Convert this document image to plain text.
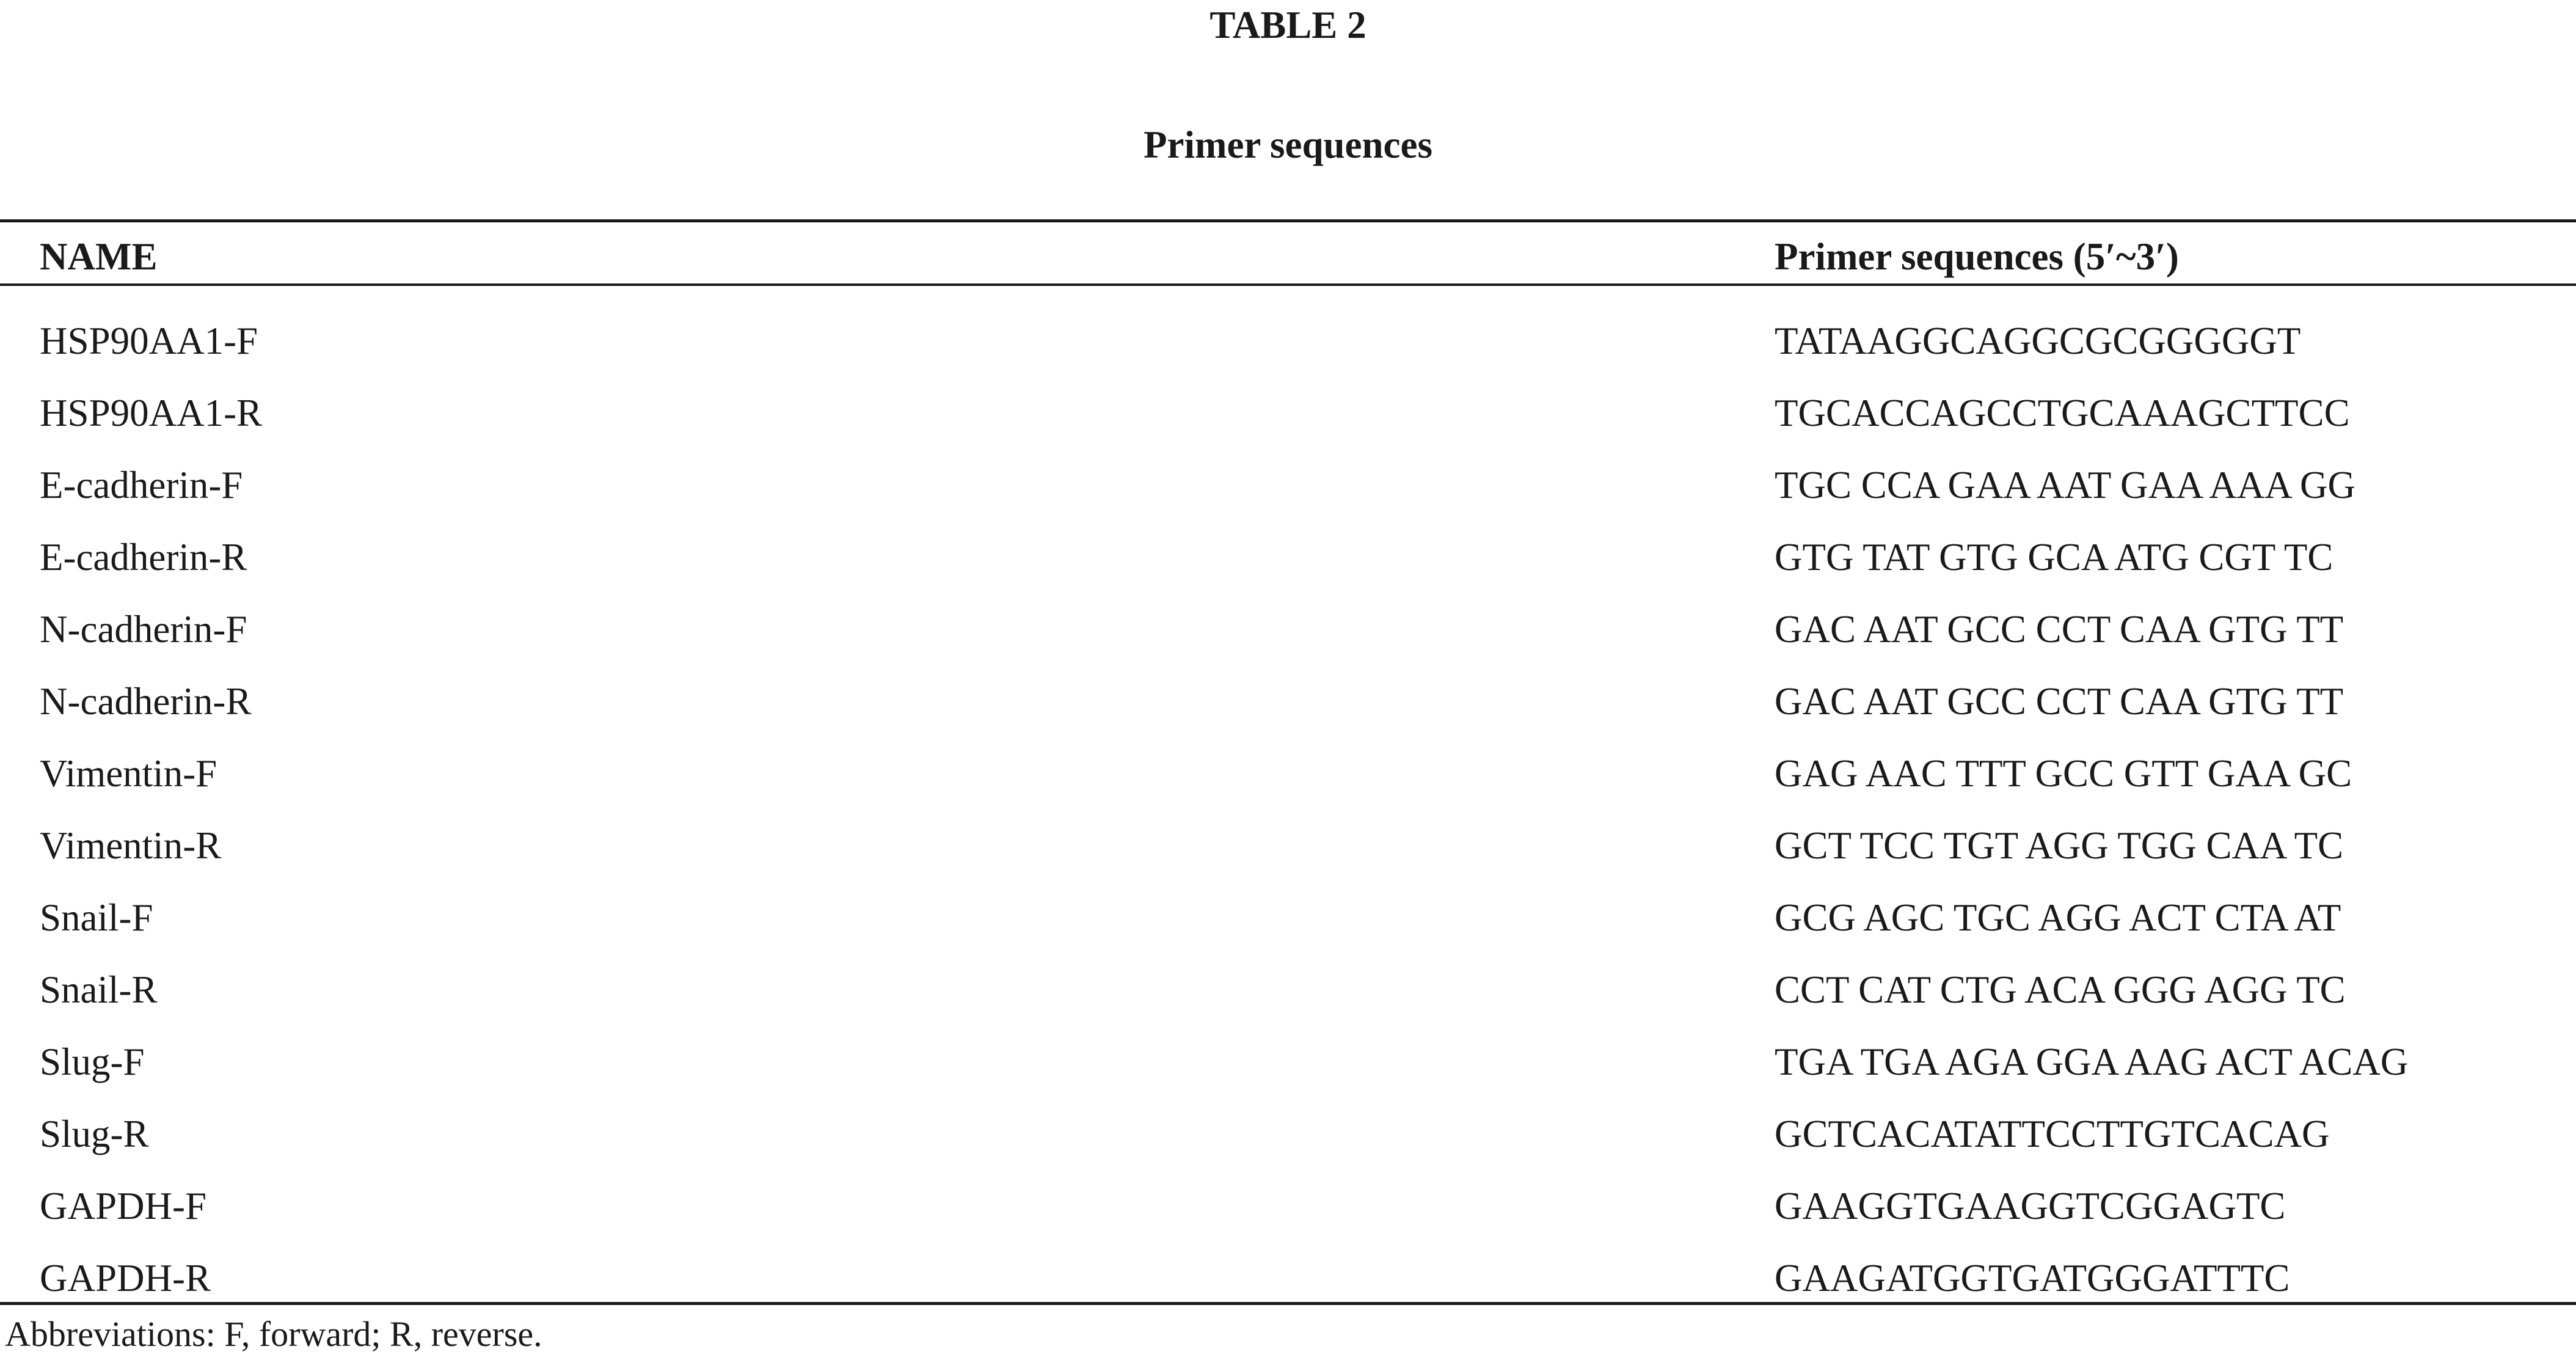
TABLE 2
Primer sequences
NAME	Primer sequences (5′~3′)
HSP90AA1-F	TATAAGGCAGGCGCGGGGGT
HSP90AA1-R	TGCACCAGCCTGCAAAGCTTCC
E-cadherin-F	TGC CCA GAA AAT GAA AAA GG
E-cadherin-R	GTG TAT GTG GCA ATG CGT TC
N-cadherin-F	GAC AAT GCC CCT CAA GTG TT
N-cadherin-R	GAC AAT GCC CCT CAA GTG TT
Vimentin-F	GAG AAC TTT GCC GTT GAA GC
Vimentin-R	GCT TCC TGT AGG TGG CAA TC
Snail-F	GCG AGC TGC AGG ACT CTA AT
Snail-R	CCT CAT CTG ACA GGG AGG TC
Slug-F	TGA TGA AGA GGA AAG ACT ACAG
Slug-R	GCTCACATATTCCTTGTCACAG
GAPDH-F	GAAGGTGAAGGTCGGAGTC
GAPDH-R	GAAGATGGTGATGGGATTTC
Abbreviations: F, forward; R, reverse.
